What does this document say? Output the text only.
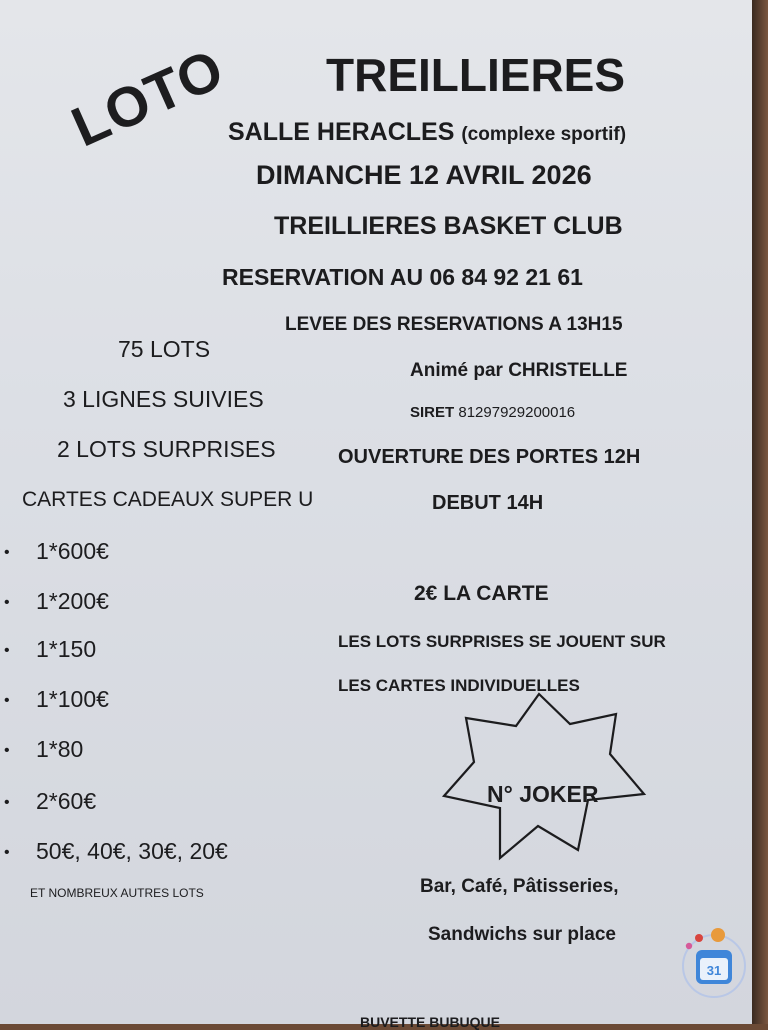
LOTO TREILLIERES
SALLE HERACLES (complexe sportif)
DIMANCHE 12 AVRIL 2026
TREILLIERES BASKET CLUB
RESERVATION AU 06 84 92 21 61
LEVEE DES RESERVATIONS A 13H15
75 LOTS
Animé par CHRISTELLE
3 LIGNES SUIVIES
SIRET 81297929200016
2 LOTS SURPRISES	OUVERTURE DES PORTES 12H
CARTES CADEAUX SUPER U	DEBUT 14H
• 1*600€
• 1*200€
• 1*150
• 1*100€
• 1*80
• 2*60€
• 50€, 40€, 30€, 20€
ET NOMBREUX AUTRES LOTS
2€ LA CARTE
LES LOTS SURPRISES SE JOUENT SUR
LES CARTES INDIVIDUELLES
N° JOKER
Bar, Café, Pâtisseries,
Sandwichs sur place
BUVETTE BUBUQUE
31
